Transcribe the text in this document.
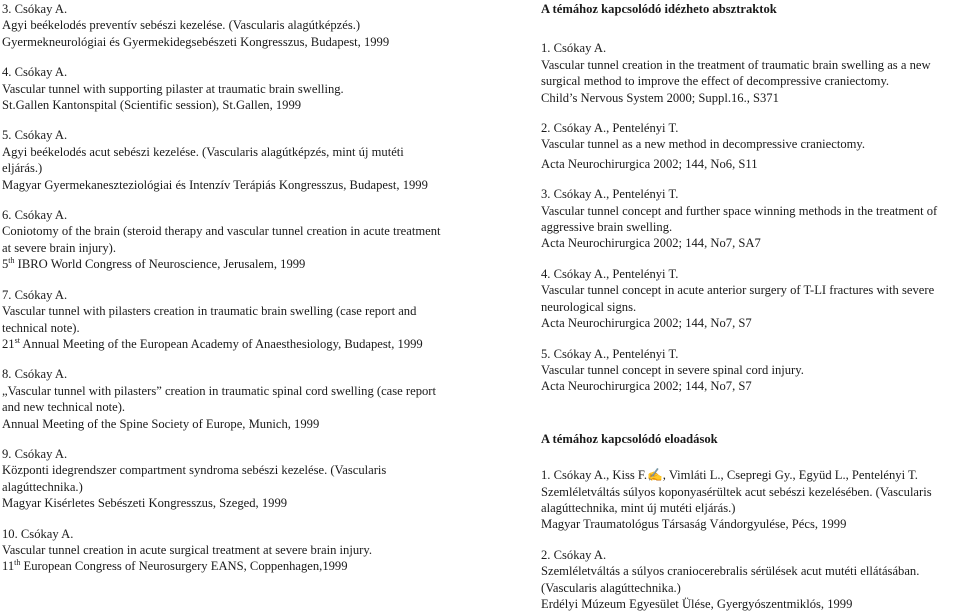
3. Csókay A.
Agyi beékelodés preventív sebészi kezelése. (Vascularis alagútképzés.)
Gyermekneurológiai és Gyermekidegsebészeti Kongresszus, Budapest, 1999
4. Csókay A.
Vascular tunnel with supporting pilaster at traumatic brain swelling.
St.Gallen Kantonspital (Scientific session), St.Gallen, 1999
5. Csókay A.
Agyi beékelodés acut sebészi kezelése. (Vascularis alagútképzés, mint új mutéti eljárás.)
Magyar Gyermekaneszteziológiai és Intenzív Terápiás Kongresszus, Budapest, 1999
6. Csókay A.
Coniotomy of the brain (steroid therapy and vascular tunnel creation in acute treatment at severe brain injury).
5th IBRO World Congress of Neuroscience, Jerusalem, 1999
7. Csókay A.
Vascular tunnel with pilasters creation in traumatic brain swelling (case report and technical note).
21st Annual Meeting of the European Academy of Anaesthesiology, Budapest, 1999
8. Csókay A.
„Vascular tunnel with pilasters” creation in traumatic spinal cord swelling (case report and new technical note).
Annual Meeting of the Spine Society of Europe, Munich, 1999
9. Csókay A.
Központi idegrendszer compartment syndroma sebészi kezelése. (Vascularis alagúttechnika.)
Magyar Kisérletes Sebészeti Kongresszus, Szeged, 1999
10. Csókay A.
Vascular tunnel creation in acute surgical treatment at severe brain injury.
11th European Congress of Neurosurgery EANS, Coppenhagen,1999
A témához kapcsolódó idézheto absztraktok
1. Csókay A.
Vascular tunnel creation in the treatment of traumatic brain swelling as a new surgical method to improve the effect of decompressive craniectomy.
Child’s Nervous System 2000; Suppl.16., S371
2. Csókay A., Pentelényi T.
Vascular tunnel as a new method in decompressive craniectomy.
Acta Neurochirurgica 2002; 144, No6, S11
3. Csókay A., Pentelényi T.
Vascular tunnel concept and further space winning methods in the treatment of aggressive brain swelling.
Acta Neurochirurgica 2002; 144, No7, SA7
4. Csókay A., Pentelényi T.
Vascular tunnel concept in acute anterior surgery of T-LI fractures with severe neurological signs.
Acta Neurochirurgica 2002; 144, No7, S7
5. Csókay A., Pentelényi T.
Vascular tunnel concept in severe spinal cord injury.
Acta Neurochirurgica 2002; 144, No7, S7
A témához kapcsolódó eloadások
1. Csókay A., Kiss F.✍, Vimláti L., Csepregi Gy., Együd L., Pentelényi T.
Szemléletváltás súlyos koponyasérültek acut sebészi kezelésében. (Vascularis alagúttechnika, mint új mutéti eljárás.)
Magyar Traumatológus Társaság Vándorgyulése, Pécs, 1999
2. Csókay A.
Szemléletváltás a súlyos craniocerebralis sérülések acut mutéti ellátásában. (Vascularis alagúttechnika.)
Erdélyi Múzeum Egyesület Ülése, Gyergyószentmiklós, 1999
